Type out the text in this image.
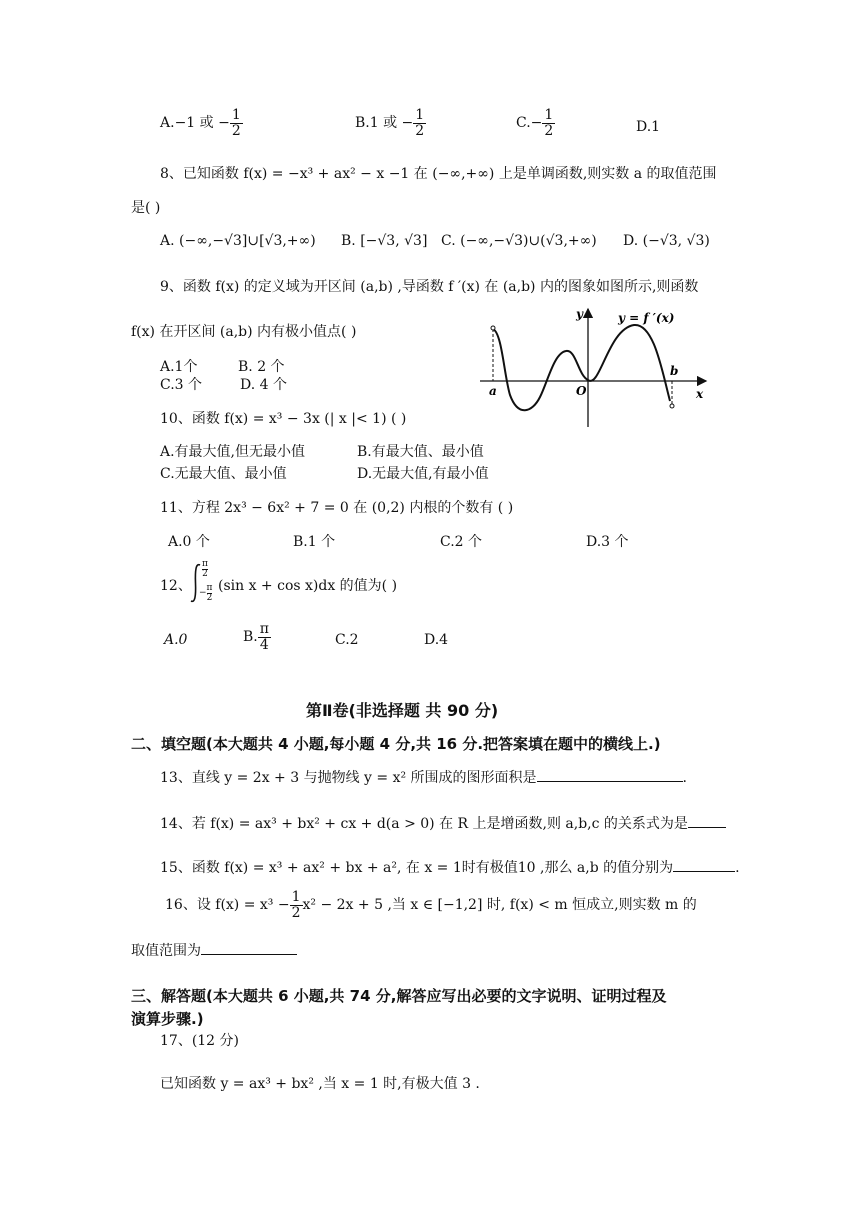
A.−1 或 − $\frac{1}{2}$	B.1 或 − $\frac{1}{2}$	$C.- \frac{1}{2}$	D.1
8、已知函数 f(x) = −x³ + ax² − x −1 在 (−∞,+∞) 上是单调函数,则实数 a 的取值范围
是( )
A. (−∞,−√3]∪[√3,+∞) B. [−√3, √3] C. (−∞,−√3)∪(√3,+∞) D. (−√3, √3)
9、函数 f(x) 的定义域为开区间 (a,b) ,导函数 f ′(x) 在 (a,b) 内的图象如图所示,则函数
f(x) 在开区间 (a,b) 内有极小值点( )
A.1个	B. 2 个
C.3 个	D. 4 个
y	y = f ′(x)
x
O
a
b
10、函数 f(x) = x³ − 3x (| x |< 1) ( )
A.有最大值,但无最小值	B.有最大值、最小值
C.无最大值、最小值	D.无最大值,有最小值
11、方程 2x³ − 6x² + 7 = 0 在 (0,2) 内根的个数有 ( )
A.0 个	B.1 个	C.2 个	D.3 个
12、
$\frac{\pi}{2}$
− $\frac{\pi}{2} (\sin$ x + cos x)dx 的值为( )
A.0	B. $\frac{\pi}{4}$	C.2	D.4
第Ⅱ卷(非选择题 共 90 分)
二、填空题(本大题共 4 小题,每小题 4 分,共 16 分.把答案填在题中的横线上.)
13、直线 y = 2x + 3 与抛物线 y = x² 所围成的图形面积是	.
14、若 f(x) = ax³ + bx² + cx + d(a > 0) 在 R 上是增函数,则 a,b,c 的关系式为是
15、函数 f(x) = x³ + ax² + bx + a², 在 x = 1时有极值10 ,那么 a,b 的值分别为	.
16、设 $f(x) = x^3 - \frac{1}{2} x^2 - 2x + 5$ ,当 x ∈ [−1,2] 时, f(x) < m 恒成立,则实数 m 的
取值范围为
三、解答题(本大题共 6 小题,共 74 分,解答应写出必要的文字说明、证明过程及
演算步骤.)
17、(12 分)
已知函数 y = ax³ + bx² ,当 x = 1 时,有极大值 3 .
